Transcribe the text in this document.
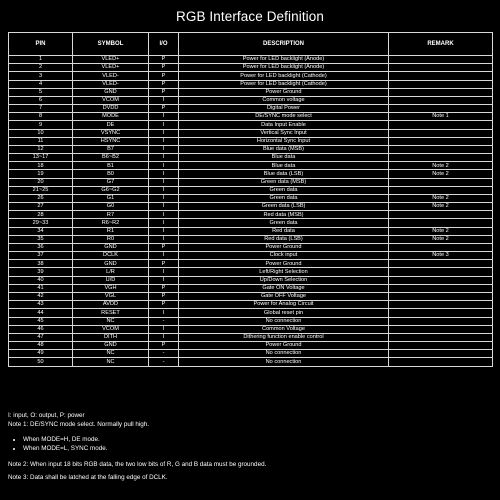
RGB Interface Definition
PIN	SYMBOL	I/O	DESCRIPTION	REMARK
1	VLED+	P	Power for LED backlight (Anode)	
2	VLED+	P	Power for LED backlight (Anode)	
3	VLED-	P	Power for LED backlight (Cathode)	
4	VLED-	P	Power for LED backlight (Cathode)	
5	GND	P	Power Ground	
6	VCOM	I	Common voltage	
7	DVDD	P	Digital Power	
8	MODE	I	DE/SYNC mode select	Note 1
9	DE	I	Data Input Enable	
10	VSYNC	I	Vertical Sync Input	
11	HSYNC	I	Horizontal Sync Input	
12	B7	I	Blue data (MSB)	
13~17	B6~B2	I	Blue data	
18	B1	I	Blue data	Note 2
19	B0	I	Blue data (LSB)	Note 2
20	G7	I	Green data (MSB)	
21~25	G6~G2	I	Green data	
26	G1	I	Green data	Note 2
27	G0	I	Green data (LSB)	Note 2
28	R7	I	Red data (MSB)	
29~33	R6~R2	I	Green data	
34	R1	I	Red data	Note 2
35	R0	I	Red data (LSB)	Note 2
36	GND	P	Power Ground	
37	DCLK	I	Clock input	Note 3
38	GND	P	Power Ground	
39	L/R	I	Left/Right Selection	
40	U/D	I	Up/Down Selection	
41	VGH	P	Gate ON Voltage	
42	VGL	P	Gate OFF Voltage	
43	AVDD	P	Power for Analog Circuit	
44	RESET	I	Global reset pin	
45	NC	-	No connection	
46	VCOM	I	Common Voltage	
47	DITH	I	Dithering function enable control	
48	GND	P	Power Ground	
49	NC	-	No connection	
50	NC	-	No connection	

I: input, O: output, P: power

Note 1: DE/SYNC mode select. Normally pull high.

• When MODE=H, DE mode.
• When MODE=L, SYNC mode.

Note 2: When input 18 bits RGB data, the two low bits of R, G and B data must be grounded.

Note 3: Data shall be latched at the falling edge of DCLK.
